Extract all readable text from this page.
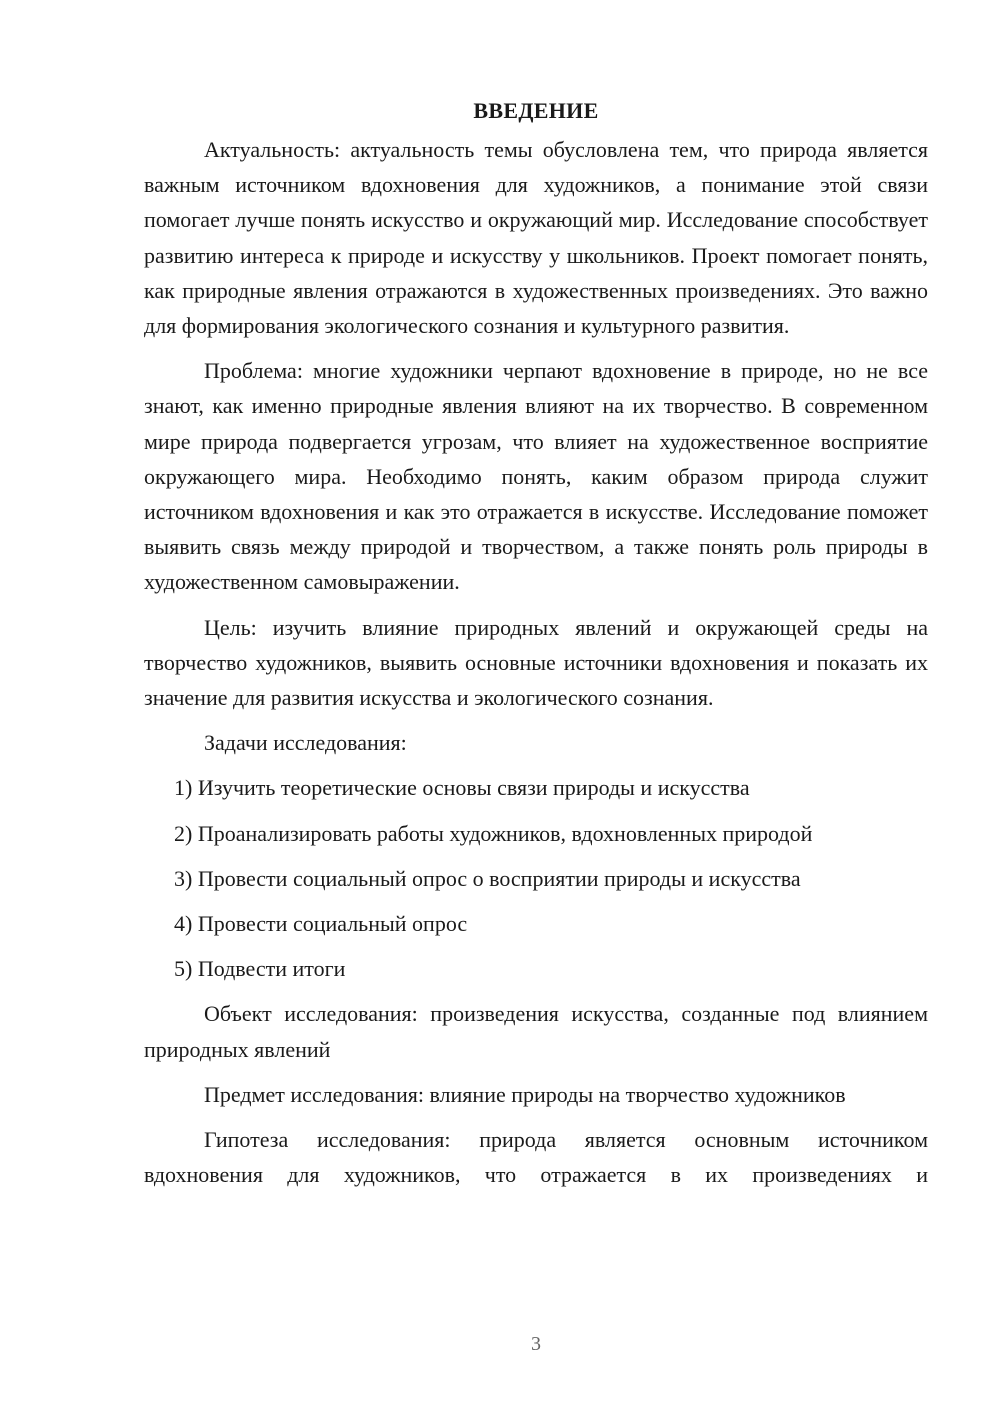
ВВЕДЕНИЕ

Актуальность: актуальность темы обусловлена тем, что природа является важным источником вдохновения для художников, а понимание этой связи помогает лучше понять искусство и окружающий мир. Исследование способствует развитию интереса к природе и искусству у школьников. Проект помогает понять, как природные явления отражаются в художественных произведениях. Это важно для формирования экологического сознания и культурного развития.

Проблема: многие художники черпают вдохновение в природе, но не все знают, как именно природные явления влияют на их творчество. В современном мире природа подвергается угрозам, что влияет на художественное восприятие окружающего мира. Необходимо понять, каким образом природа служит источником вдохновения и как это отражается в искусстве. Исследование поможет выявить связь между природой и творчеством, а также понять роль природы в художественном самовыражении.

Цель: изучить влияние природных явлений и окружающей среды на творчество художников, выявить основные источники вдохновения и показать их значение для развития искусства и экологического сознания.

Задачи исследования:

1) Изучить теоретические основы связи природы и искусства
2) Проанализировать работы художников, вдохновленных природой
3) Провести социальный опрос о восприятии природы и искусства
4) Провести социальный опрос
5) Подвести итоги

Объект исследования: произведения искусства, созданные под влиянием природных явлений

Предмет исследования: влияние природы на творчество художников

Гипотеза исследования: природа является основным источником вдохновения для художников, что отражается в их произведениях и

3
